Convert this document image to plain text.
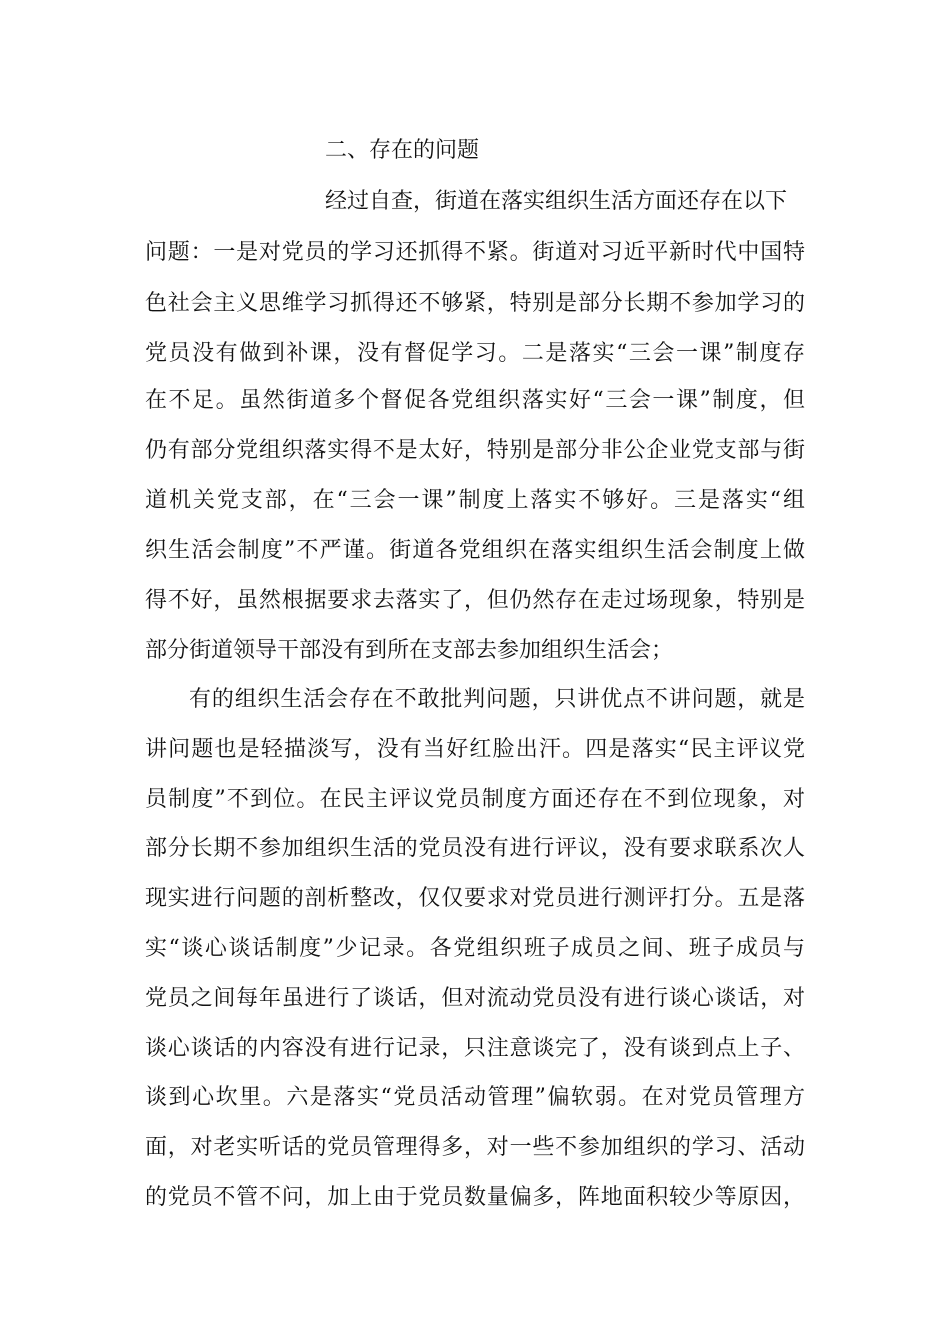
二、存在的问题
经过自查，街道在落实组织生活方面还存在以下
问题：一是对党员的学习还抓得不紧。街道对习近平新时代中国特
色社会主义思维学习抓得还不够紧，特别是部分长期不参加学习的
党员没有做到补课，没有督促学习。二是落实“三会一课”制度存
在不足。虽然街道多个督促各党组织落实好“三会一课”制度，但
仍有部分党组织落实得不是太好，特别是部分非公企业党支部与街
道机关党支部，在“三会一课”制度上落实不够好。三是落实“组
织生活会制度”不严谨。街道各党组织在落实组织生活会制度上做
得不好，虽然根据要求去落实了，但仍然存在走过场现象，特别是
部分街道领导干部没有到所在支部去参加组织生活会；
有的组织生活会存在不敢批判问题，只讲优点不讲问题，就是
讲问题也是轻描淡写，没有当好红脸出汗。四是落实“民主评议党
员制度”不到位。在民主评议党员制度方面还存在不到位现象，对
部分长期不参加组织生活的党员没有进行评议，没有要求联系次人
现实进行问题的剖析整改，仅仅要求对党员进行测评打分。五是落
实“谈心谈话制度”少记录。各党组织班子成员之间、班子成员与
党员之间每年虽进行了谈话，但对流动党员没有进行谈心谈话，对
谈心谈话的内容没有进行记录，只注意谈完了，没有谈到点上子、
谈到心坎里。六是落实“党员活动管理”偏软弱。在对党员管理方
面，对老实听话的党员管理得多，对一些不参加组织的学习、活动
的党员不管不问，加上由于党员数量偏多，阵地面积较少等原因，
